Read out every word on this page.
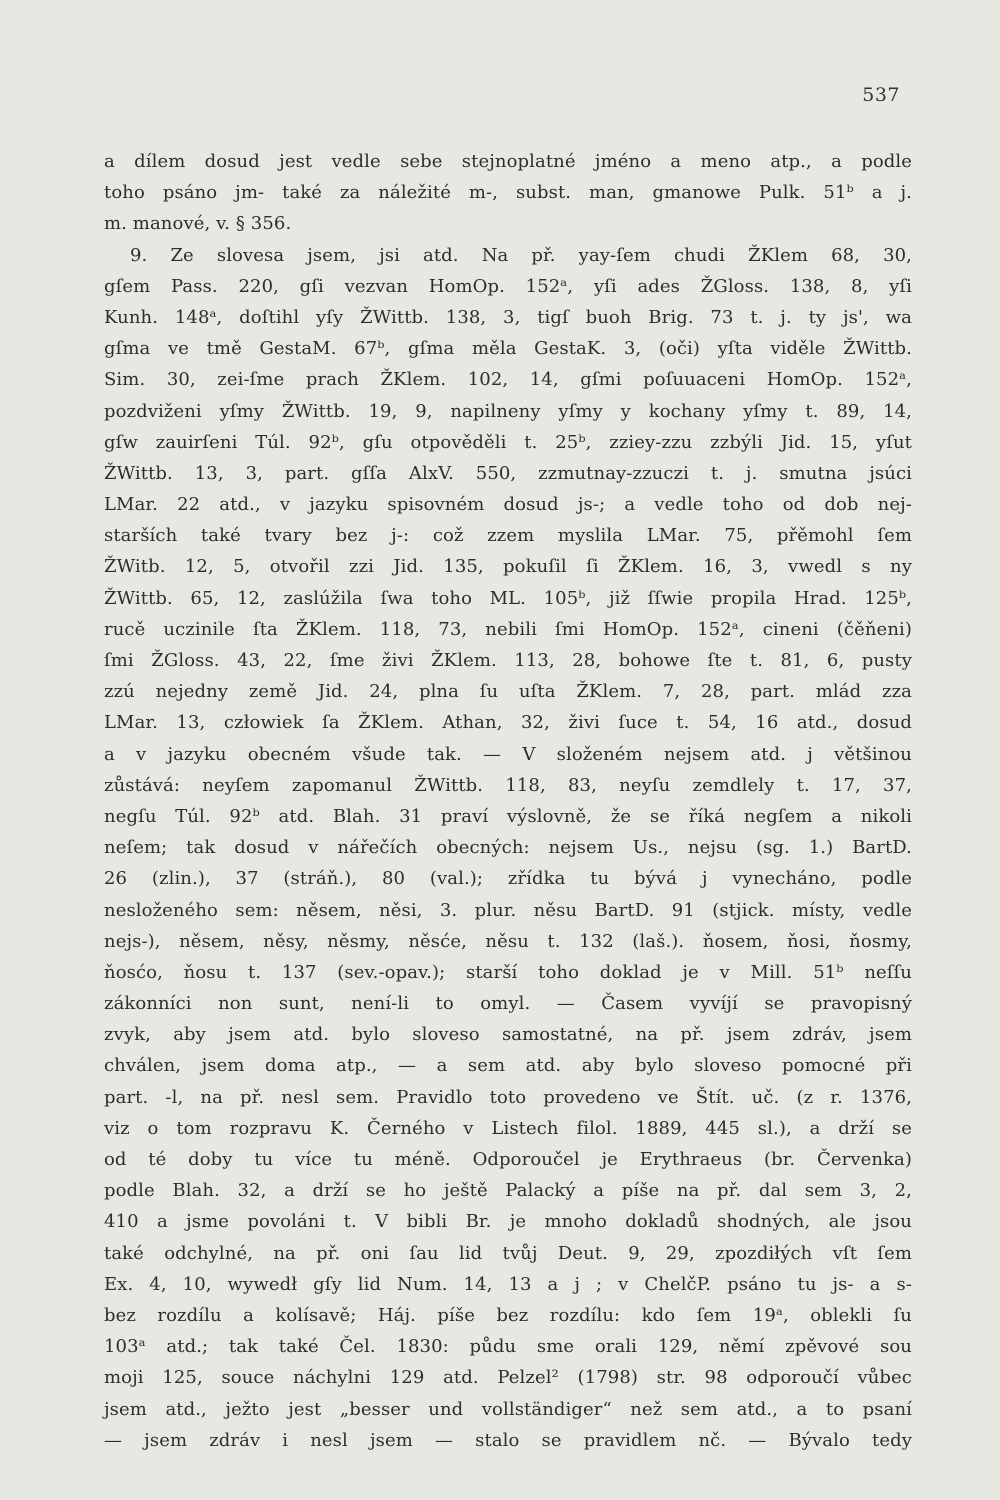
537
a dílem dosud jest vedle sebe stejnoplatné jméno a meno atp., a podle
toho psáno jm- také za náležité m-, subst. man, gmanowe Pulk. 51ᵇ a j.
m. manové, v. § 356.
9. Ze slovesa jsem, jsi atd. Na př. yay-ſem chudi ŽKlem 68, 30,
gſem Pass. 220, gſi vezvan HomOp. 152ᵃ, yſi ades ŽGloss. 138, 8, yſi
Kunh. 148ᵃ, doſtihl yſy ŽWittb. 138, 3, tigſ buoh Brig. 73 t. j. ty js', wa
gſma ve tmě GestaM. 67ᵇ, gſma měla GestaK. 3, (oči) yſta viděle ŽWittb.
Sim. 30, zei-ſme prach ŽKlem. 102, 14, gſmi poſuuaceni HomOp. 152ᵃ,
pozdviženi yſmy ŽWittb. 19, 9, napilneny yſmy y kochany yſmy t. 89, 14,
gſw zauirſeni Túl. 92ᵇ, gſu otpověděli t. 25ᵇ, zziey-zzu zzbýli Jid. 15, yſut
ŽWittb. 13, 3, part. gſſa AlxV. 550, zzmutnay-zzuczi t. j. smutna jsúci
LMar. 22 atd., v jazyku spisovném dosud js-; a vedle toho od dob nej-
starších také tvary bez j-: což zzem myslila LMar. 75, přěmohl ſem
ŽWitb. 12, 5, otvořil zzi Jid. 135, pokuſil ſi ŽKlem. 16, 3, vwedl s ny
ŽWittb. 65, 12, zaslúžila ſwa toho ML. 105ᵇ, již ſſwie propila Hrad. 125ᵇ,
rucě uczinile ſta ŽKlem. 118, 73, nebili ſmi HomOp. 152ᵃ, cineni (čěňeni)
ſmi ŽGloss. 43, 22, ſme živi ŽKlem. 113, 28, bohowe ſte t. 81, 6, pusty
zzú nejedny země Jid. 24, plna ſu uſta ŽKlem. 7, 28, part. mlád zza
LMar. 13, człowiek ſa ŽKlem. Athan, 32, živi ſuce t. 54, 16 atd., dosud
a v jazyku obecném všude tak. — V složeném nejsem atd. j většinou
zůstává: neyſem zapomanul ŽWittb. 118, 83, neyſu zemdlely t. 17, 37,
negſu Túl. 92ᵇ atd. Blah. 31 praví výslovně, že se říká negſem a nikoli
neſem; tak dosud v nářečích obecných: nejsem Us., nejsu (sg. 1.) BartD.
26 (zlin.), 37 (stráň.), 80 (val.); zřídka tu bývá j vynecháno, podle
nesloženého sem: něsem, něsi, 3. plur. něsu BartD. 91 (stjick. místy, vedle
nejs-), něsem, něsy, něsmy, něsće, něsu t. 132 (laš.). ňosem, ňosi, ňosmy,
ňosćo, ňosu t. 137 (sev.-opav.); starší toho doklad je v Mill. 51ᵇ neſſu
zákonníci non sunt, není-li to omyl. — Časem vyvíjí se pravopisný
zvyk, aby jsem atd. bylo sloveso samostatné, na př. jsem zdráv, jsem
chválen, jsem doma atp., — a sem atd. aby bylo sloveso pomocné při
part. -l, na př. nesl sem. Pravidlo toto provedeno ve Štít. uč. (z r. 1376,
viz o tom rozpravu K. Černého v Listech filol. 1889, 445 sl.), a drží se
od té doby tu více tu méně. Odporoučel je Erythraeus (br. Červenka)
podle Blah. 32, a drží se ho ještě Palacký a píše na př. dal sem 3, 2,
410 a jsme povoláni t. V bibli Br. je mnoho dokladů shodných, ale jsou
také odchylné, na př. oni ſau lid tvůj Deut. 9, 29, zpozdiłých vſt ſem
Ex. 4, 10, wywedł gſy lid Num. 14, 13 a j ; v ChelčP. psáno tu js- a s-
bez rozdílu a kolísavě; Háj. píše bez rozdílu: kdo ſem 19ᵃ, oblekli ſu
103ᵃ atd.; tak také Čel. 1830: půdu sme orali 129, němí zpěvové sou
moji 125, souce náchylni 129 atd. Pelzel² (1798) str. 98 odporoučí vůbec
jsem atd., ježto jest „besser und vollständiger“ než sem atd., a to psaní
— jsem zdráv i nesl jsem — stalo se pravidlem nč. — Bývalo tedy
